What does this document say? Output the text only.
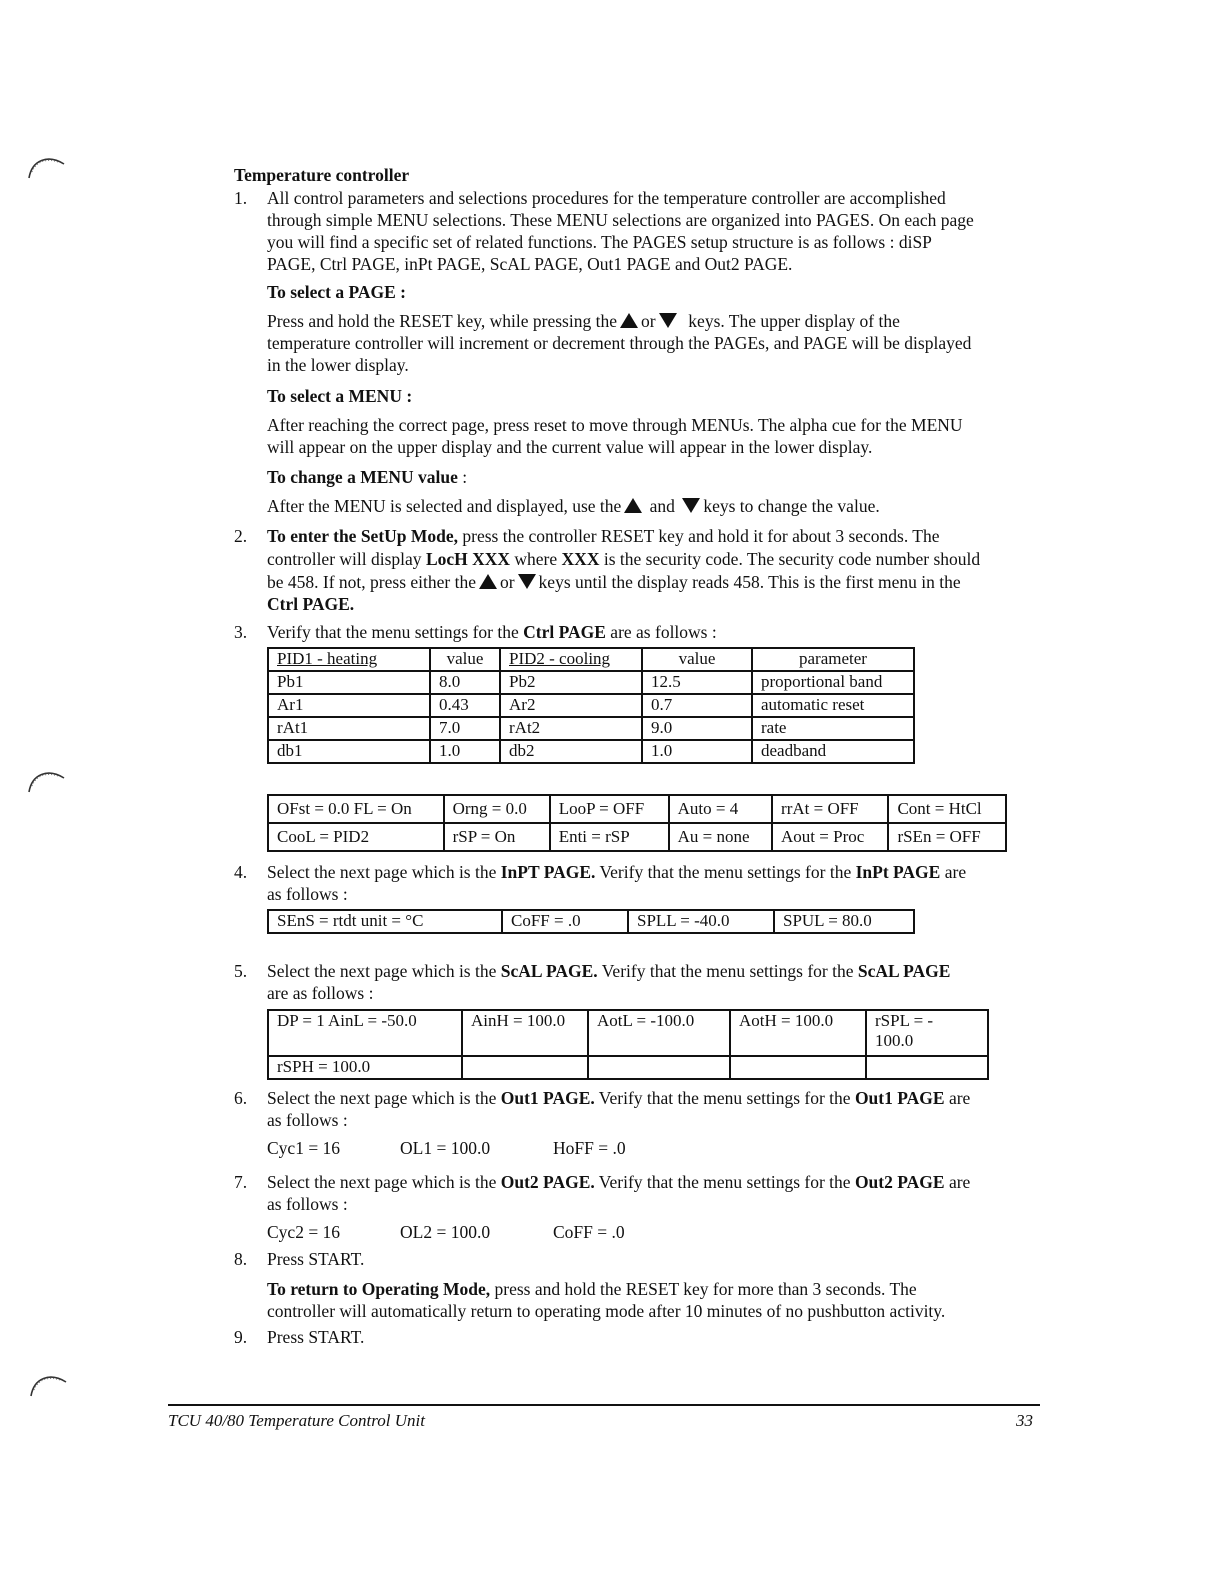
Temperature controller
1. All control parameters and selections procedures for the temperature controller are accomplished
through simple MENU selections. These MENU selections are organized into PAGES. On each page
you will find a specific set of related functions. The PAGES setup structure is as follows : diSP
PAGE, Ctrl PAGE, inPt PAGE, ScAL PAGE, Out1 PAGE and Out2 PAGE.
To select a PAGE :
Press and hold the RESET key, while pressing the or keys. The upper display of the
temperature controller will increment or decrement through the PAGEs, and PAGE will be displayed
in the lower display.
To select a MENU :
After reaching the correct page, press reset to move through MENUs. The alpha cue for the MENU
will appear on the upper display and the current value will appear in the lower display.
To change a MENU value :
After the MENU is selected and displayed, use the and keys to change the value.
2. To enter the SetUp Mode, press the controller RESET key and hold it for about 3 seconds. The
controller will display LocH XXX where XXX is the security code. The security code number should
be 458. If not, press either the or keys until the display reads 458. This is the first menu in the
Ctrl PAGE.
3. Verify that the menu settings for the Ctrl PAGE are as follows :
PID1 - heating	value	PID2 - cooling	value	parameter
Pb1	8.0	Pb2	12.5	proportional band
Ar1	0.43	Ar2	0.7	automatic reset
rAt1	7.0	rAt2	9.0	rate
db1	1.0	db2	1.0	deadband
OFst = 0.0 FL = On	Orng = 0.0	LooP = OFF	Auto = 4	rrAt = OFF	Cont = HtCl
CooL = PID2	rSP = On	Enti = rSP	Au = none	Aout = Proc	rSEn = OFF
4. Select the next page which is the InPT PAGE. Verify that the menu settings for the InPt PAGE are
as follows :
SEnS = rtdt unit = °C	CoFF = .0	SPLL = -40.0	SPUL = 80.0
5. Select the next page which is the ScAL PAGE. Verify that the menu settings for the ScAL PAGE
are as follows :
DP = 1 AinL = -50.0	AinH = 100.0	AotL = -100.0	AotH = 100.0	rSPL = -
100.0

rSPH = 100.0				
6. Select the next page which is the Out1 PAGE. Verify that the menu settings for the Out1 PAGE are
as follows :
Cyc1 = 16	OL1 = 100.0	HoFF = .0
7. Select the next page which is the Out2 PAGE. Verify that the menu settings for the Out2 PAGE are
as follows :
Cyc2 = 16	OL2 = 100.0	CoFF = .0
8. Press START.
To return to Operating Mode, press and hold the RESET key for more than 3 seconds. The
controller will automatically return to operating mode after 10 minutes of no pushbutton activity.
9. Press START.
TCU 40/80 Temperature Control Unit	33
